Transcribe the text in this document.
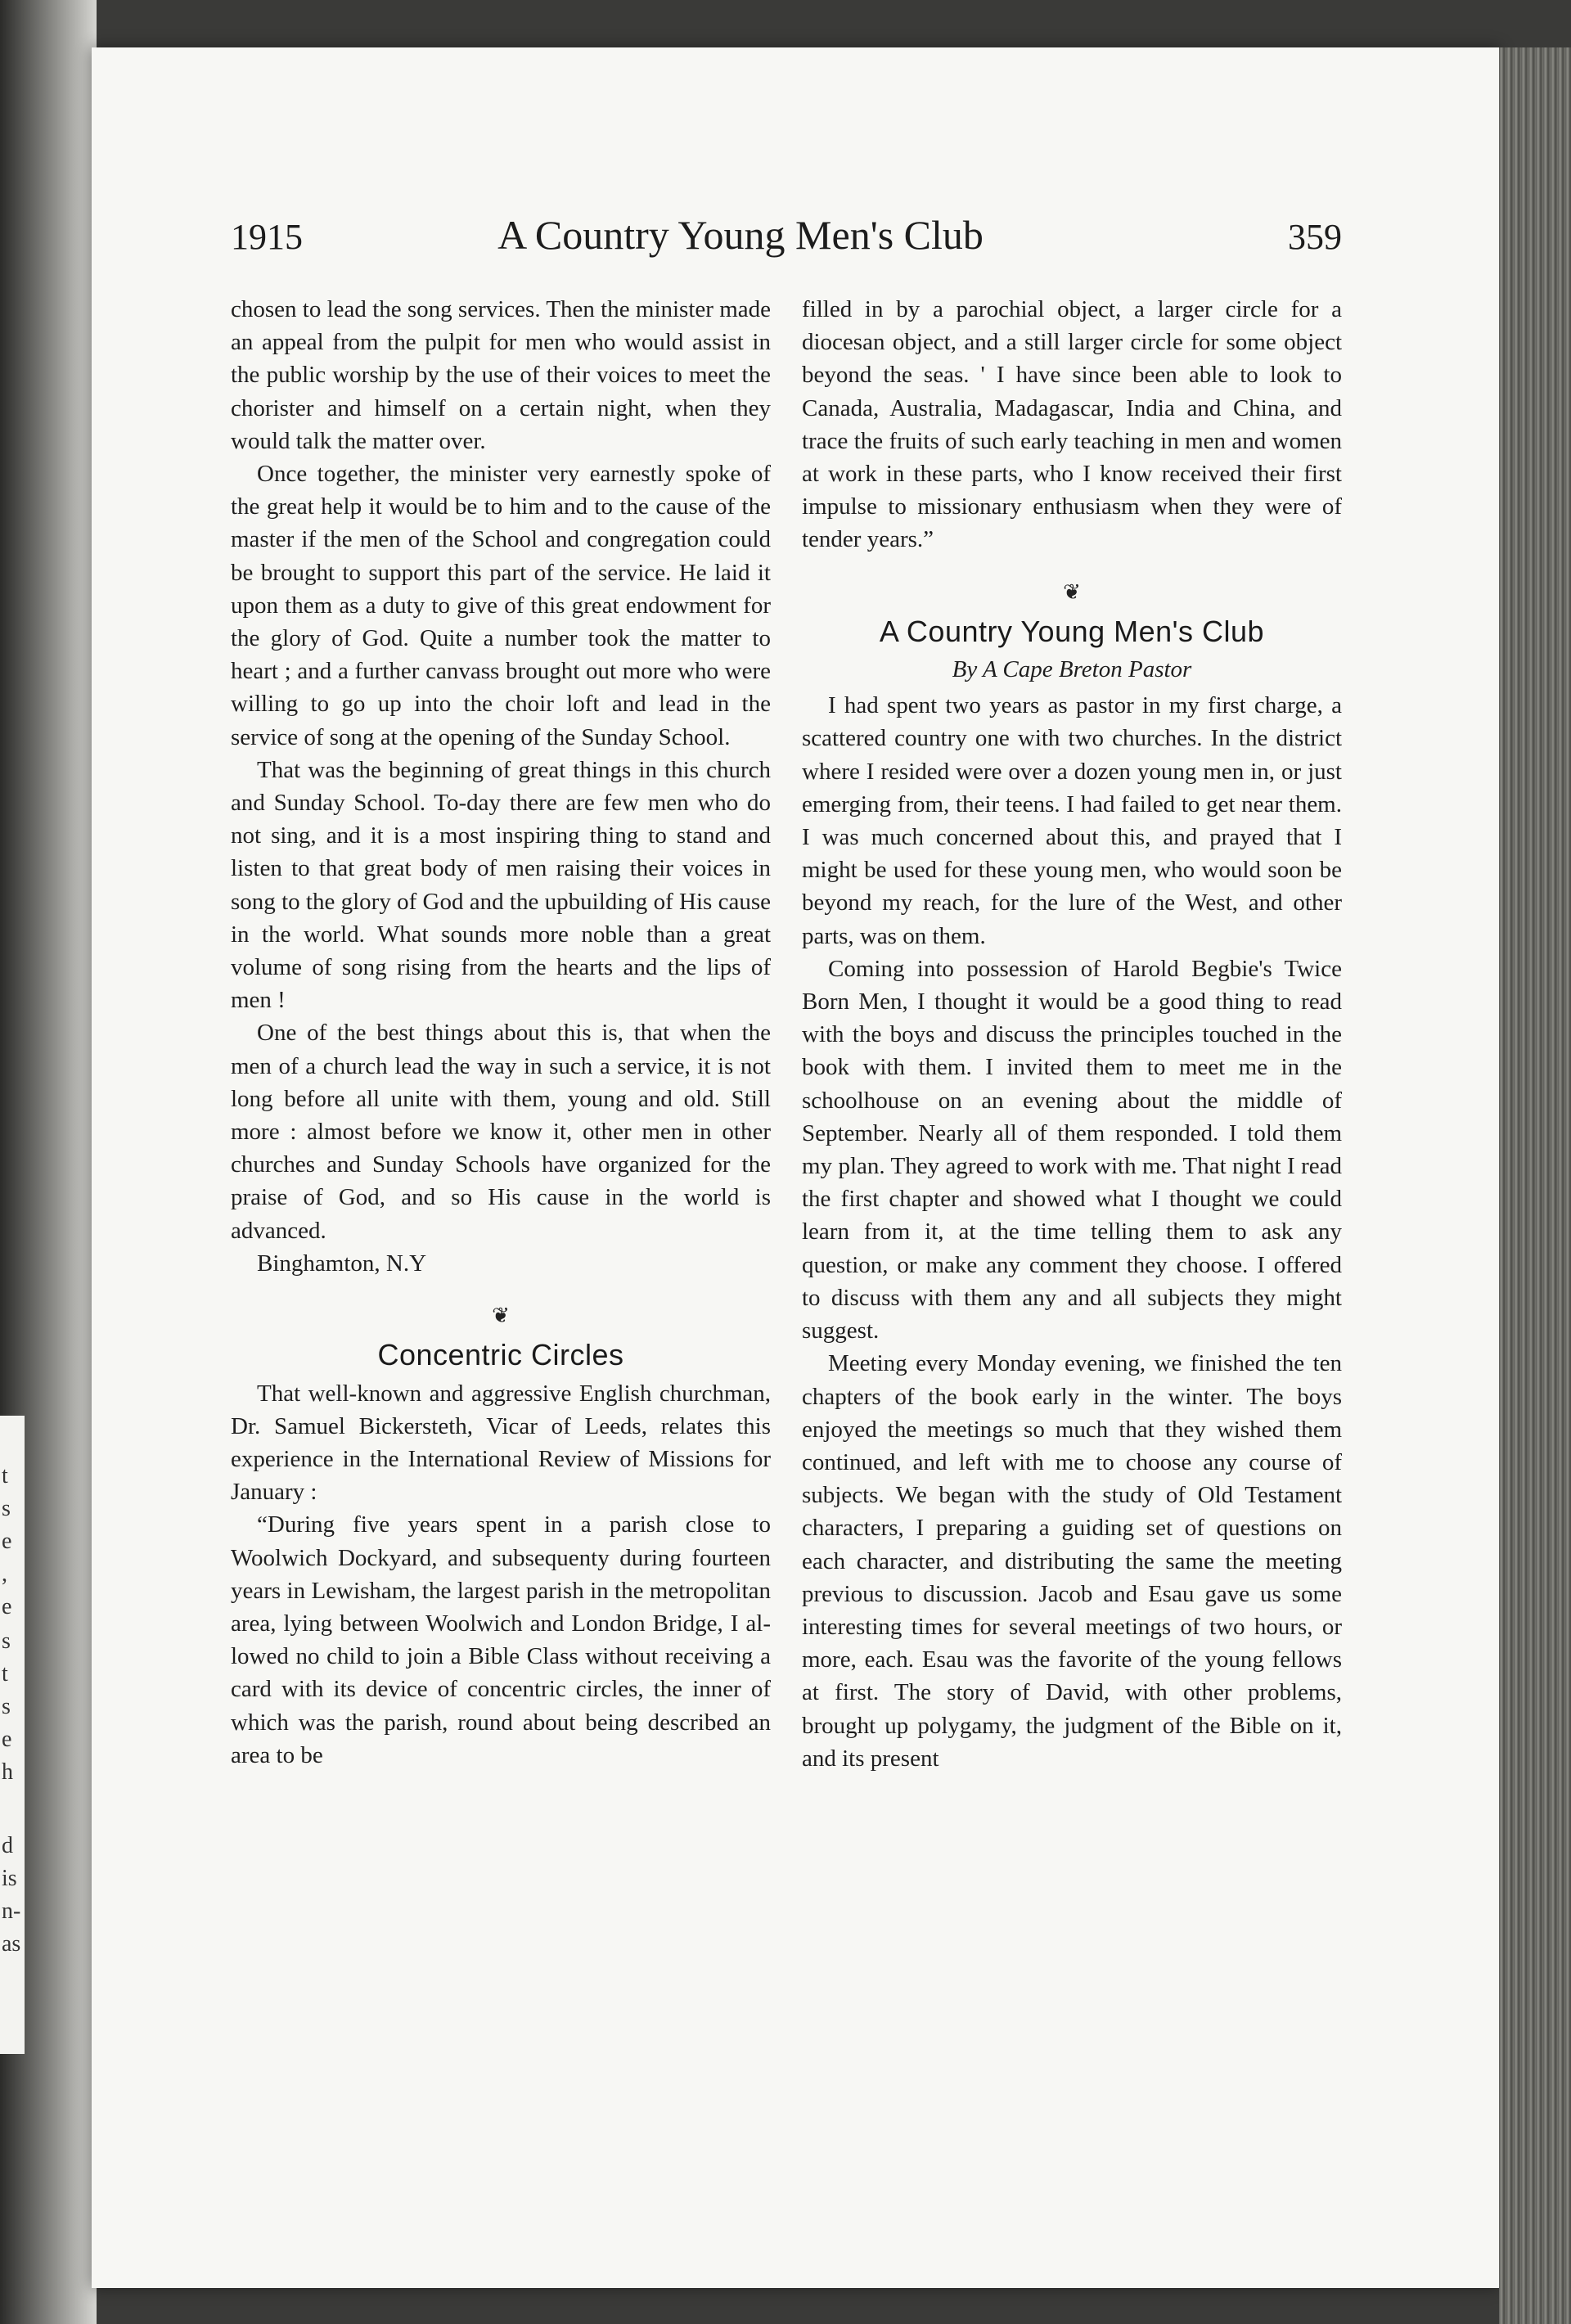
t
s
e
,
e
s
t
s
e
h
d
is
n-
as
1915	A Country Young Men's Club	359

chosen to lead the song services. Then the minister made an appeal from the pulpit for men who would assist in the public worship by the use of their voices to meet the chorister and himself on a certain night, when they would talk the matter over.

Once together, the minister very earnestly spoke of the great help it would be to him and to the cause of the master if the men of the School and congregation could be brought to support this part of the service. He laid it upon them as a duty to give of this great endowment for the glory of God. Quite a number took the matter to heart ; and a further canvass brought out more who were willing to go up into the choir loft and lead in the service of song at the opening of the Sunday School.

That was the beginning of great things in this church and Sunday School. To-day there are few men who do not sing, and it is a most inspiring thing to stand and listen to that great body of men raising their voices in song to the glory of God and the upbuilding of His cause in the world. What sounds more noble than a great volume of song rising from the hearts and the lips of men !

One of the best things about this is, that when the men of a church lead the way in such a service, it is not long before all unite with them, young and old. Still more : almost before we know it, other men in other churches and Sunday Schools have organized for the praise of God, and so His cause in the world is advanced.

Binghamton, N.Y

❦
Concentric Circles

That well-known and aggressive English churchman, Dr. Samuel Bickersteth, Vicar of Leeds, relates this experience in the International Review of Missions for January :

“During five years spent in a parish close to Woolwich Dockyard, and subsequenty during fourteen years in Lewisham, the largest parish in the metropolitan area, lying between Woolwich and London Bridge, I allowed no child to join a Bible Class without receiving a card with its device of concentric circles, the inner of which was the parish, round about being described an area to be

filled in by a parochial object, a larger circle for a diocesan object, and a still larger circle for some object beyond the seas. ' I have since been able to look to Canada, Australia, Madagascar, India and China, and trace the fruits of such early teaching in men and women at work in these parts, who I know received their first impulse to missionary enthusiasm when they were of tender years.”

❦
A Country Young Men's Club
By A Cape Breton Pastor

I had spent two years as pastor in my first charge, a scattered country one with two churches. In the district where I resided were over a dozen young men in, or just emerging from, their teens. I had failed to get near them. I was much concerned about this, and prayed that I might be used for these young men, who would soon be beyond my reach, for the lure of the West, and other parts, was on them.

Coming into possession of Harold Begbie's Twice Born Men, I thought it would be a good thing to read with the boys and discuss the principles touched in the book with them. I invited them to meet me in the schoolhouse on an evening about the middle of September. Nearly all of them responded. I told them my plan. They agreed to work with me. That night I read the first chapter and showed what I thought we could learn from it, at the time telling them to ask any question, or make any comment they choose. I offered to discuss with them any and all subjects they might suggest.

Meeting every Monday evening, we finished the ten chapters of the book early in the winter. The boys enjoyed the meetings so much that they wished them continued, and left with me to choose any course of subjects. We began with the study of Old Testament characters, I preparing a guiding set of questions on each character, and distributing the same the meeting previous to discussion. Jacob and Esau gave us some interesting times for several meetings of two hours, or more, each. Esau was the favorite of the young fellows at first. The story of David, with other problems, brought up polygamy, the judgment of the Bible on it, and its present
